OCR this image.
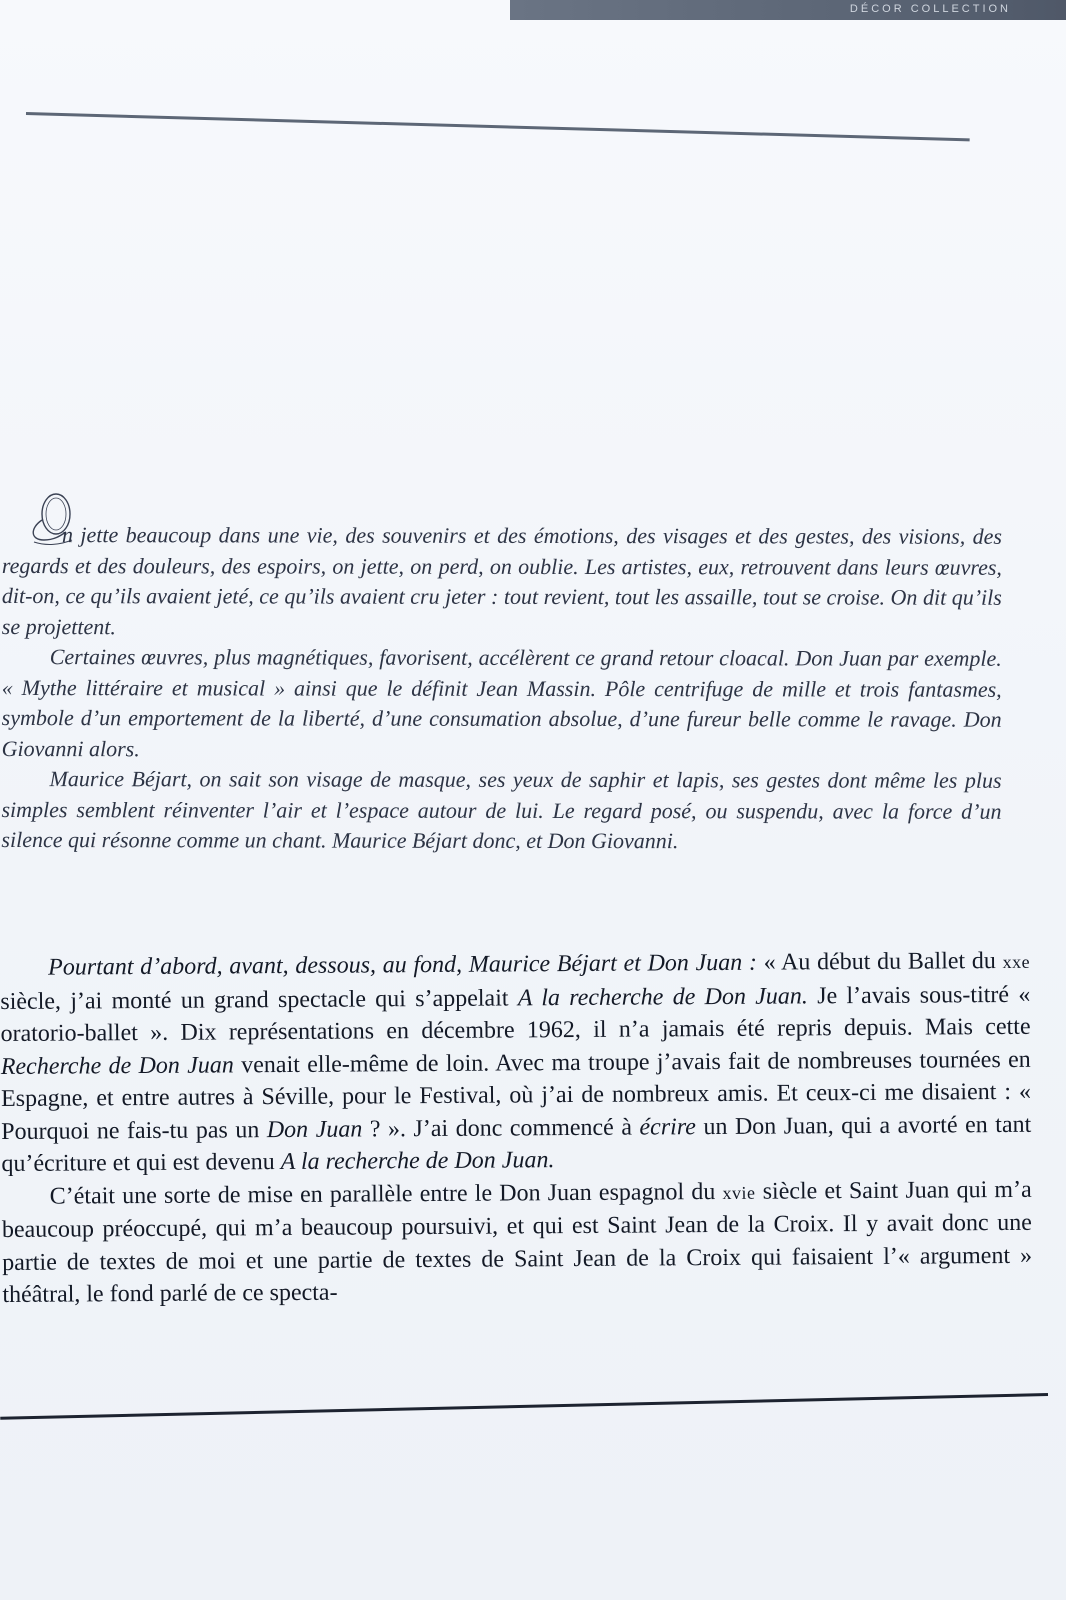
DÉCOR COLLECTION

n jette beaucoup dans une vie, des souvenirs et des émotions, des visages et des gestes, des visions, des regards et des douleurs, des espoirs, on jette, on perd, on oublie. Les artistes, eux, retrouvent dans leurs œuvres, dit-on, ce qu’ils avaient jeté, ce qu’ils avaient cru jeter : tout revient, tout les assaille, tout se croise. On dit qu’ils se projettent.

Certaines œuvres, plus magnétiques, favorisent, accélèrent ce grand retour cloacal. Don Juan par exemple. « Mythe littéraire et musical » ainsi que le définit Jean Massin. Pôle centrifuge de mille et trois fantasmes, symbole d’un emportement de la liberté, d’une consumation absolue, d’une fureur belle comme le ravage. Don Giovanni alors.

Maurice Béjart, on sait son visage de masque, ses yeux de saphir et lapis, ses gestes dont même les plus simples semblent réinventer l’air et l’espace autour de lui. Le regard posé, ou suspendu, avec la force d’un silence qui résonne comme un chant. Maurice Béjart donc, et Don Giovanni.

Pourtant d’abord, avant, dessous, au fond, Maurice Béjart et Don Juan : « Au début du Ballet du xxe siècle, j’ai monté un grand spectacle qui s’appelait A la recherche de Don Juan. Je l’avais sous-titré « oratorio-ballet ». Dix représentations en décembre 1962, il n’a jamais été repris depuis. Mais cette Recherche de Don Juan venait elle-même de loin. Avec ma troupe j’avais fait de nombreuses tournées en Espagne, et entre autres à Séville, pour le Festival, où j’ai de nombreux amis. Et ceux-ci me disaient : « Pourquoi ne fais-tu pas un Don Juan ? ». J’ai donc commencé à écrire un Don Juan, qui a avorté en tant qu’écriture et qui est devenu A la recherche de Don Juan.

C’était une sorte de mise en parallèle entre le Don Juan espagnol du xvie siècle et Saint Juan qui m’a beaucoup préoccupé, qui m’a beaucoup poursuivi, et qui est Saint Jean de la Croix. Il y avait donc une partie de textes de moi et une partie de textes de Saint Jean de la Croix qui faisaient l’« argument » théâtral, le fond parlé de ce specta-
